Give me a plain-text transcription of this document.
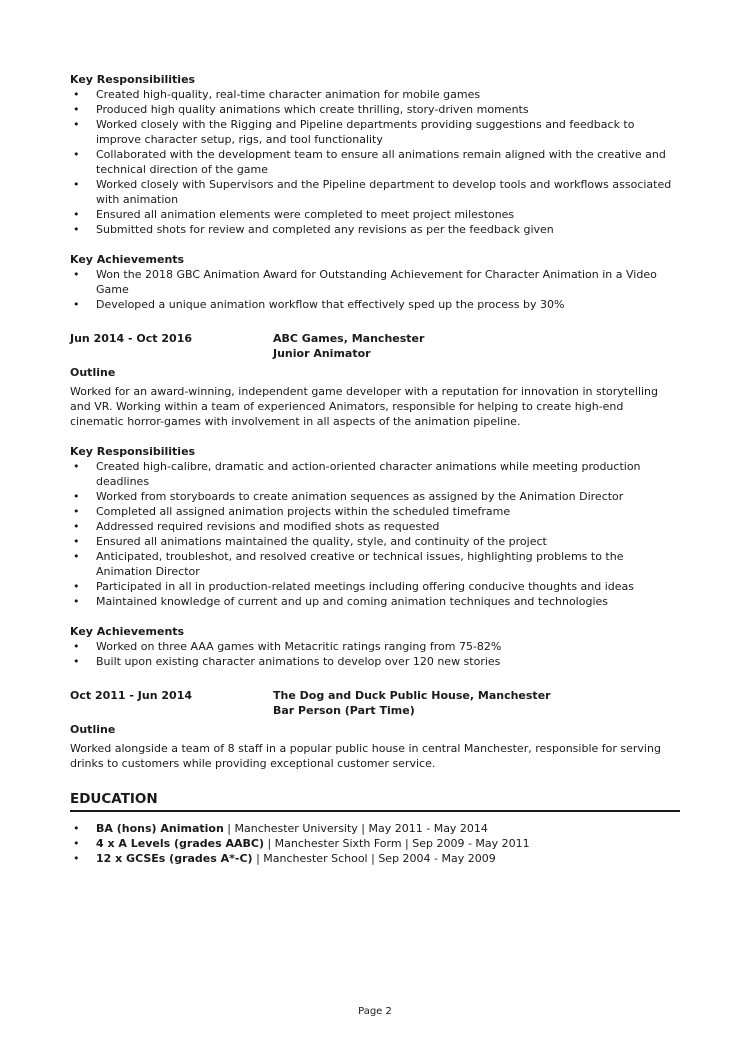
Key Responsibilities
• Created high-quality, real-time character animation for mobile games
• Produced high quality animations which create thrilling, story-driven moments
• Worked closely with the Rigging and Pipeline departments providing suggestions and feedback to improve character setup, rigs, and tool functionality
• Collaborated with the development team to ensure all animations remain aligned with the creative and technical direction of the game
• Worked closely with Supervisors and the Pipeline department to develop tools and workflows associated with animation
• Ensured all animation elements were completed to meet project milestones
• Submitted shots for review and completed any revisions as per the feedback given
Key Achievements
• Won the 2018 GBC Animation Award for Outstanding Achievement for Character Animation in a Video Game
• Developed a unique animation workflow that effectively sped up the process by 30%
Jun 2014 - Oct 2016	ABC Games, Manchester
Junior Animator
Outline

Worked for an award-winning, independent game developer with a reputation for innovation in storytelling and VR. Working within a team of experienced Animators, responsible for helping to create high-end cinematic horror-games with involvement in all aspects of the animation pipeline.

Key Responsibilities
• Created high-calibre, dramatic and action-oriented character animations while meeting production deadlines
• Worked from storyboards to create animation sequences as assigned by the Animation Director
• Completed all assigned animation projects within the scheduled timeframe
• Addressed required revisions and modified shots as requested
• Ensured all animations maintained the quality, style, and continuity of the project
• Anticipated, troubleshot, and resolved creative or technical issues, highlighting problems to the Animation Director
• Participated in all in production-related meetings including offering conducive thoughts and ideas
• Maintained knowledge of current and up and coming animation techniques and technologies
Key Achievements
• Worked on three AAA games with Metacritic ratings ranging from 75-82%
• Built upon existing character animations to develop over 120 new stories
Oct 2011 - Jun 2014	The Dog and Duck Public House, Manchester
Bar Person (Part Time)
Outline

Worked alongside a team of 8 staff in a popular public house in central Manchester, responsible for serving drinks to customers while providing exceptional customer service.

EDUCATION
• BA (hons) Animation | Manchester University | May 2011 - May 2014
• 4 x A Levels (grades AABC) | Manchester Sixth Form | Sep 2009 - May 2011
• 12 x GCSEs (grades A*-C) | Manchester School | Sep 2004 - May 2009
Page 2
